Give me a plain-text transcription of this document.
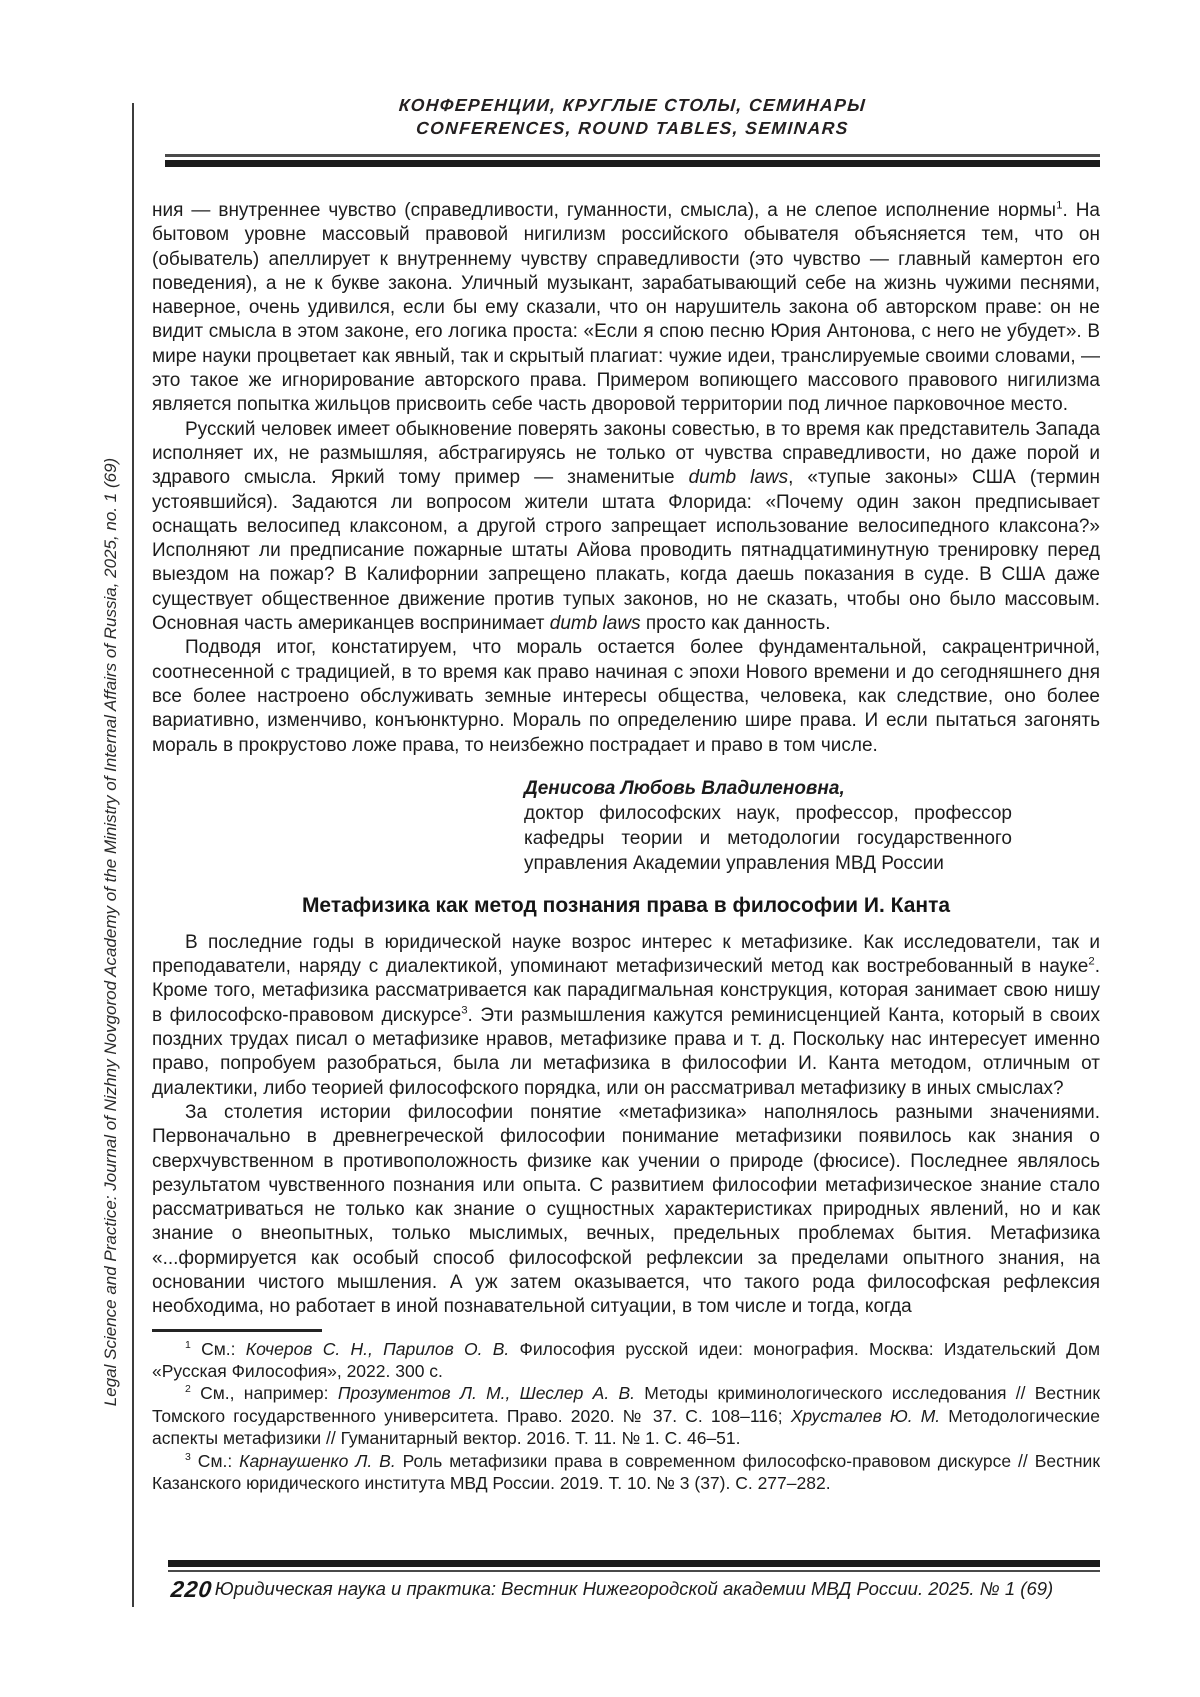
КОНФЕРЕНЦИИ, КРУГЛЫЕ СТОЛЫ, СЕМИНАРЫ
CONFERENCES, ROUND TABLES, SEMINARS
Legal Science and Practice: Journal of Nizhny Novgorod Academy of the Ministry of Internal Affairs of Russia, 2025, no. 1 (69)

ния — внутреннее чувство (справедливости, гуманности, смысла), а не слепое исполнение нормы$^1$. На бытовом уровне массовый правовой нигилизм российского обывателя объясняется тем, что он (обыватель) апеллирует к внутреннему чувству справедливости (это чувство — главный камертон его поведения), а не к букве закона. Уличный музыкант, зарабатывающий себе на жизнь чужими песнями, наверное, очень удивился, если бы ему сказали, что он нарушитель закона об авторском праве: он не видит смысла в этом законе, его логика проста: «Если я спою песню Юрия Антонова, с него не убудет». В мире науки процветает как явный, так и скрытый плагиат: чужие идеи, транслируемые своими словами, — это такое же игнорирование авторского права. Примером вопиющего массового правового нигилизма является попытка жильцов присвоить себе часть дворовой территории под личное парковочное место.

Русский человек имеет обыкновение поверять законы совестью, в то время как представитель Запада исполняет их, не размышляя, абстрагируясь не только от чувства справедливости, но даже порой и здравого смысла. Яркий тому пример — знаменитые dumb laws, «тупые законы» США (термин устоявшийся). Задаются ли вопросом жители штата Флорида: «Почему один закон предписывает оснащать велосипед клаксоном, а другой строго запрещает использование велосипедного клаксона?» Исполняют ли предписание пожарные штаты Айова проводить пятнадцатиминутную тренировку перед выездом на пожар? В Калифорнии запрещено плакать, когда даешь показания в суде. В США даже существует общественное движение против тупых законов, но не сказать, чтобы оно было массовым. Основная часть американцев воспринимает dumb laws просто как данность.

Подводя итог, констатируем, что мораль остается более фундаментальной, сакрацентричной, соотнесенной с традицией, в то время как право начиная с эпохи Нового времени и до сегодняшнего дня все более настроено обслуживать земные интересы общества, человека, как следствие, оно более вариативно, изменчиво, конъюнктурно. Мораль по определению шире права. И если пытаться загонять мораль в прокрустово ложе права, то неизбежно пострадает и право в том числе.

Денисова Любовь Владиленовна,
доктор философских наук, профессор, профессор кафедры теории и методологии государственного управления Академии управления МВД России
Метафизика как метод познания права в философии И. Канта

В последние годы в юридической науке возрос интерес к метафизике. Как исследователи, так и преподаватели, наряду с диалектикой, упоминают метафизический метод как востребованный в науке$^2$. Кроме того, метафизика рассматривается как парадигмальная конструкция, которая занимает свою нишу в философско-правовом дискурсе$^3$. Эти размышления кажутся реминисценцией Канта, который в своих поздних трудах писал о метафизике нравов, метафизике права и т. д. Поскольку нас интересует именно право, попробуем разобраться, была ли метафизика в философии И. Канта методом, отличным от диалектики, либо теорией философского порядка, или он рассматривал метафизику в иных смыслах?

За столетия истории философии понятие «метафизика» наполнялось разными значениями. Первоначально в древнегреческой философии понимание метафизики появилось как знания о сверхчувственном в противоположность физике как учении о природе (фюсисе). Последнее являлось результатом чувственного познания или опыта. С развитием философии метафизическое знание стало рассматриваться не только как знание о сущностных характеристиках природных явлений, но и как знание о внеопытных, только мыслимых, вечных, предельных проблемах бытия. Метафизика «...формируется как особый способ философской рефлексии за пределами опытного знания, на основании чистого мышления. А уж затем оказывается, что такого рода философская рефлексия необходима, но работает в иной познавательной ситуации, в том числе и тогда, когда

$^1$ См.: Кочеров С. Н., Парилов О. В. Философия русской идеи: монография. Москва: Издательский Дом «Русская Философия», 2022. 300 с.

$^2$ См., например: Прозументов Л. М., Шеслер А. В. Методы криминологического исследования // Вестник Томского государственного университета. Право. 2020. № 37. С. 108–116; Хрусталев Ю. М. Методологические аспекты метафизики // Гуманитарный вектор. 2016. Т. 11. № 1. С. 46–51.

$^3$ См.: Карнаушенко Л. В. Роль метафизики права в современном философско-правовом дискурсе // Вестник Казанского юридического института МВД России. 2019. Т. 10. № 3 (37). С. 277–282.

220 Юридическая наука и практика: Вестник Нижегородской академии МВД России. 2025. № 1 (69)
